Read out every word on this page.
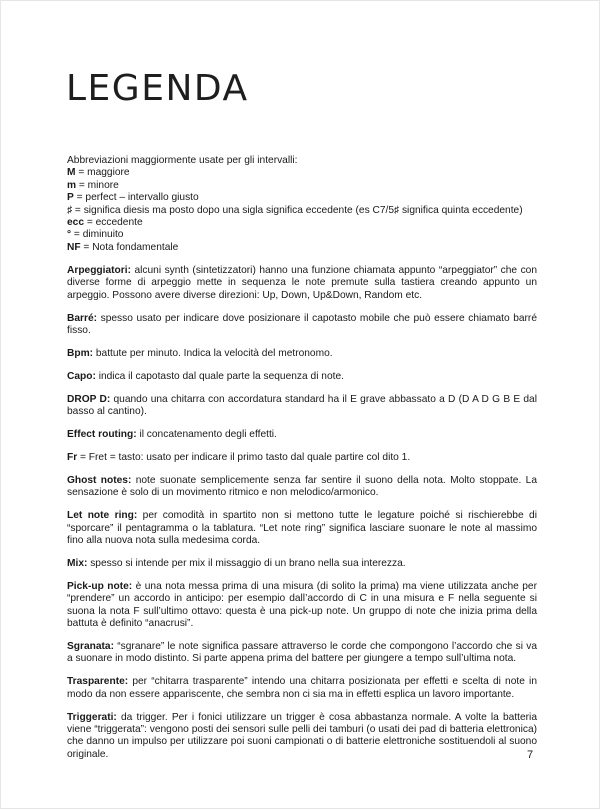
LEGENDA
Abbreviazioni maggiormente usate per gli intervalli:
M = maggiore
m = minore
P = perfect – intervallo giusto
♯ = significa diesis ma posto dopo una sigla significa eccedente (es C7/5♯ significa quinta eccedente)
ecc = eccedente
° = diminuito
NF = Nota fondamentale

Arpeggiatori: alcuni synth (sintetizzatori) hanno una funzione chiamata appunto “arpeggiator” che con diverse forme di arpeggio mette in sequenza le note premute sulla tastiera creando appunto un arpeggio. Possono avere diverse direzioni: Up, Down, Up&Down, Random etc.

Barré: spesso usato per indicare dove posizionare il capotasto mobile che può essere chiamato barré fisso.

Bpm: battute per minuto. Indica la velocità del metronomo.

Capo: indica il capotasto dal quale parte la sequenza di note.

DROP D: quando una chitarra con accordatura standard ha il E grave abbassato a D (D A D G B E dal basso al cantino).

Effect routing: il concatenamento degli effetti.

Fr = Fret = tasto: usato per indicare il primo tasto dal quale partire col dito 1.

Ghost notes: note suonate semplicemente senza far sentire il suono della nota. Molto stoppate. La sensazione è solo di un movimento ritmico e non melodico/armonico.

Let note ring: per comodità in spartito non si mettono tutte le legature poiché si rischierebbe di “sporcare” il pentagramma o la tablatura. “Let note ring” significa lasciare suonare le note al massimo fino alla nuova nota sulla medesima corda.

Mix: spesso si intende per mix il missaggio di un brano nella sua interezza.

Pick-up note: è una nota messa prima di una misura (di solito la prima) ma viene utilizzata anche per “prendere” un accordo in anticipo: per esempio dall’accordo di C in una misura e F nella seguente si suona la nota F sull’ultimo ottavo: questa è una pick-up note. Un gruppo di note che inizia prima della battuta è definito “anacrusi”.

Sgranata: “sgranare” le note significa passare attraverso le corde che compongono l’accordo che si va a suonare in modo distinto. Si parte appena prima del battere per giungere a tempo sull’ultima nota.

Trasparente: per “chitarra trasparente” intendo una chitarra posizionata per effetti e scelta di note in modo da non essere appariscente, che sembra non ci sia ma in effetti esplica un lavoro importante.

Triggerati: da trigger. Per i fonici utilizzare un trigger è cosa abbastanza normale. A volte la batteria viene “triggerata”: vengono posti dei sensori sulle pelli dei tamburi (o usati dei pad di batteria elettronica) che danno un impulso per utilizzare poi suoni campionati o di batterie elettroniche sostituendoli al suono originale.	7
